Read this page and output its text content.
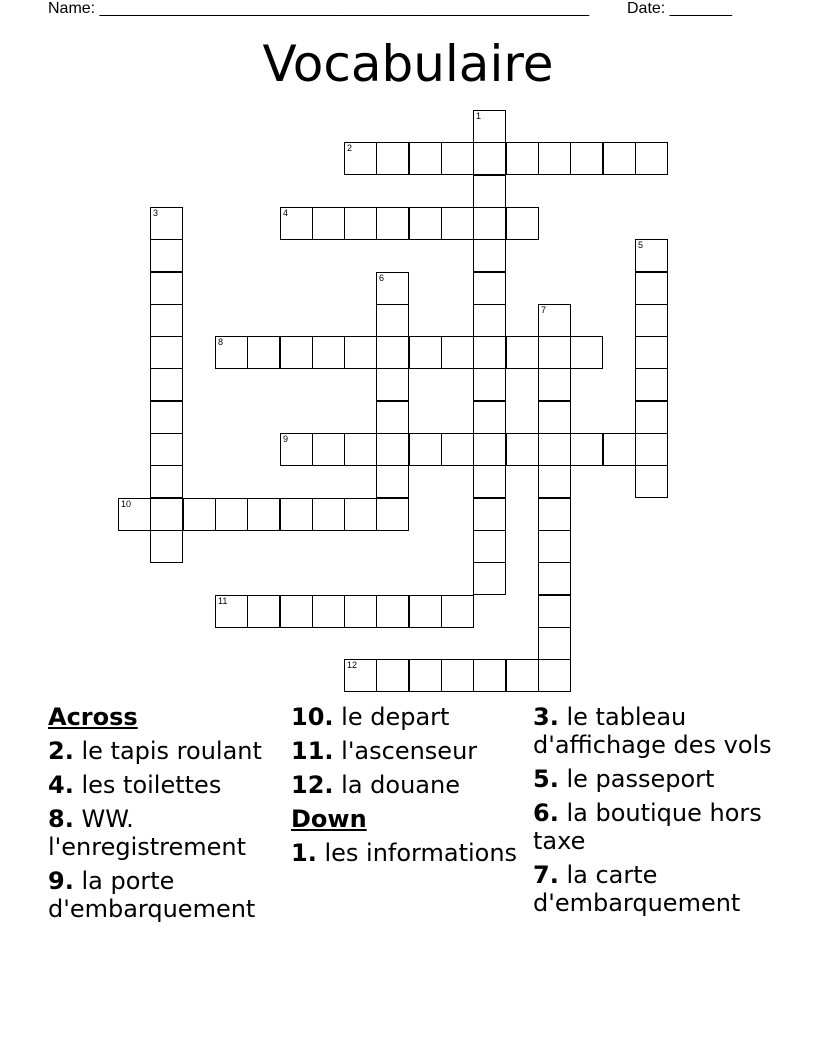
Name: _______________________________________________________ Date: _______
Vocabulaire
1
2
3	4
5
6
7
8
9
10
11
12
Across
2. le tapis roulant
4. les toilettes
8. WW. l'enregistrement
9. la porte d'embarquement
10. le depart
11. l'ascenseur
12. la douane
Down
1. les informations
3. le tableau d'affichage des vols
5. le passeport
6. la boutique hors taxe
7. la carte d'embarquement
